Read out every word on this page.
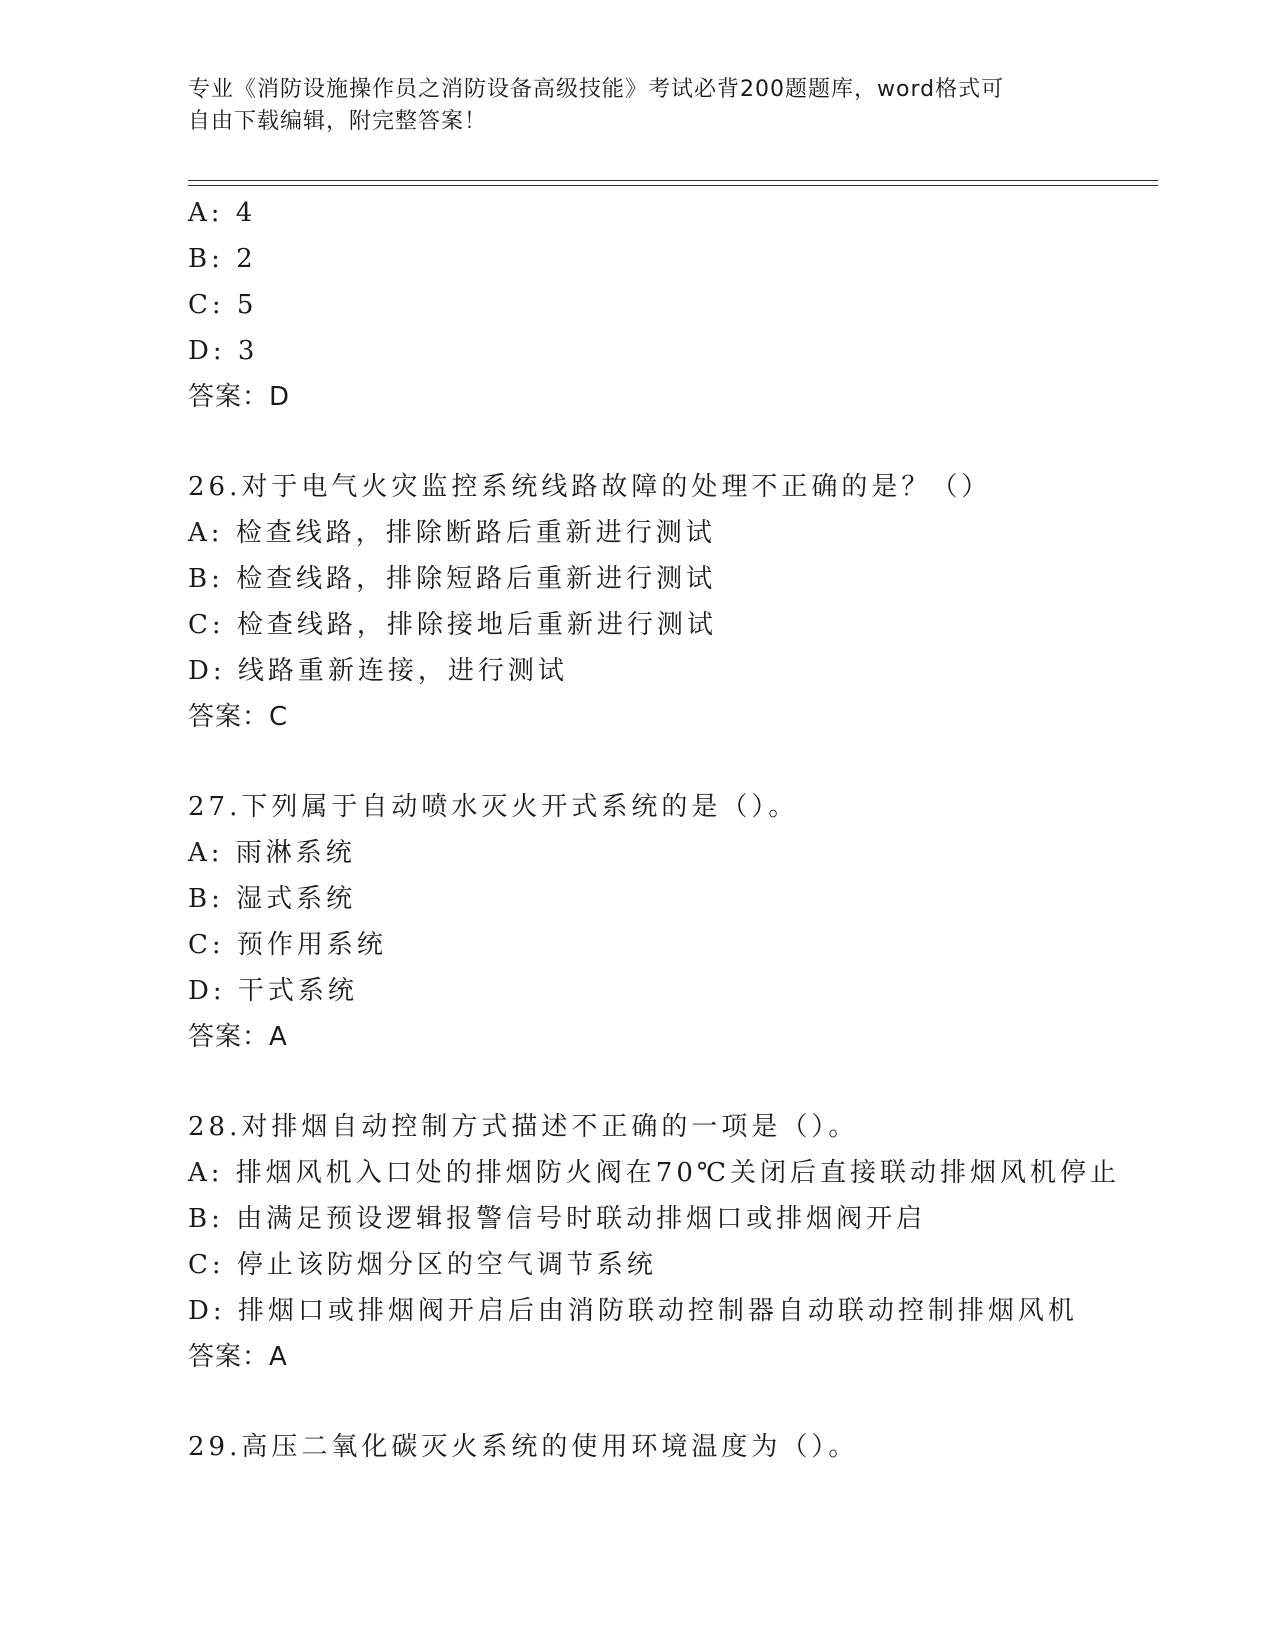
专业《消防设施操作员之消防设备高级技能》考试必背200题题库，word格式可
自由下载编辑，附完整答案！
A: 4
B: 2
C: 5
D: 3
答案：D
26.对于电气火灾监控系统线路故障的处理不正确的是？（）
A: 检查线路，排除断路后重新进行测试
B: 检查线路，排除短路后重新进行测试
C: 检查线路，排除接地后重新进行测试
D: 线路重新连接，进行测试
答案：C
27.下列属于自动喷水灭火开式系统的是（）。
A: 雨淋系统
B: 湿式系统
C: 预作用系统
D: 干式系统
答案：A
28.对排烟自动控制方式描述不正确的一项是（）。
A: 排烟风机入口处的排烟防火阀在70℃关闭后直接联动排烟风机停止
B: 由满足预设逻辑报警信号时联动排烟口或排烟阀开启
C: 停止该防烟分区的空气调节系统
D: 排烟口或排烟阀开启后由消防联动控制器自动联动控制排烟风机
答案：A
29.高压二氧化碳灭火系统的使用环境温度为（）。
